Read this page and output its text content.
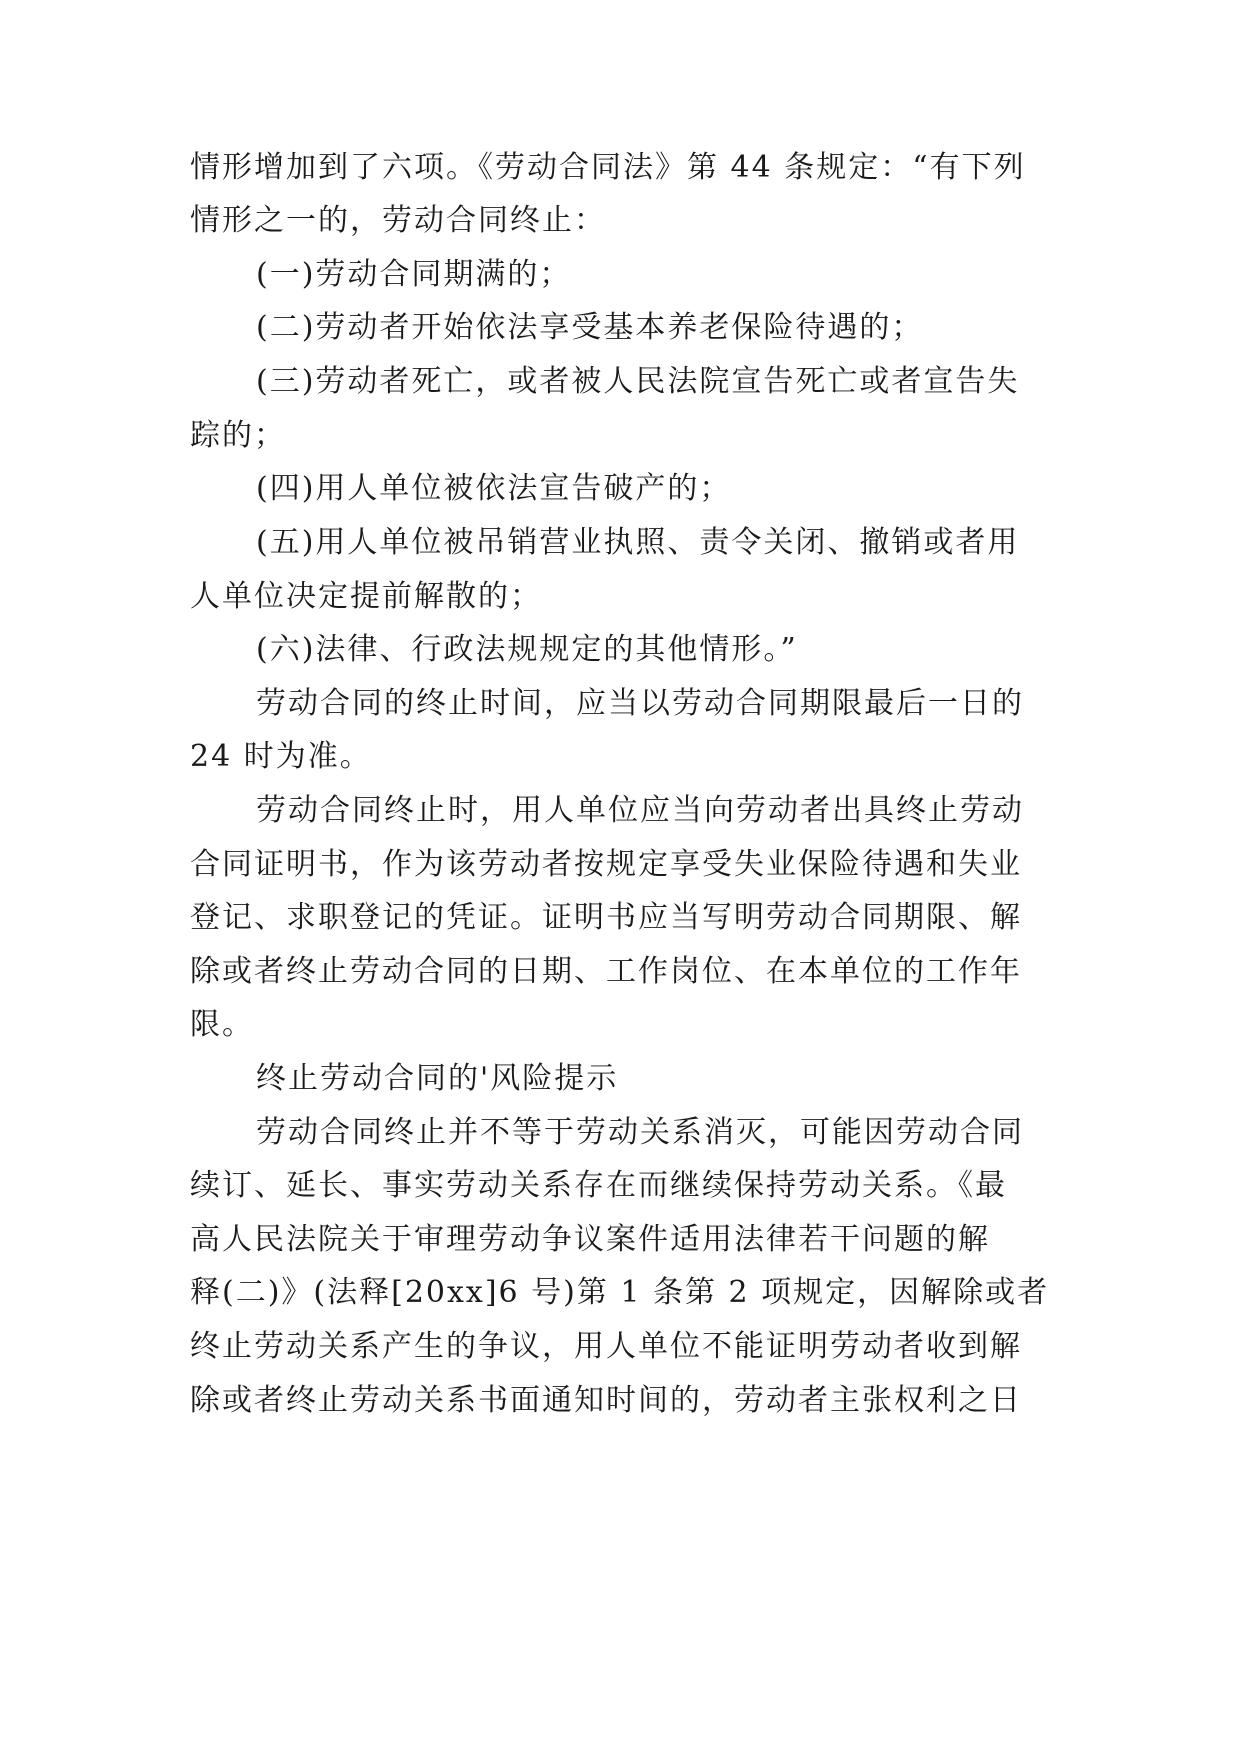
情形增加到了六项。《劳动合同法》第 44 条规定：“有下列
情形之一的，劳动合同终止：
(一)劳动合同期满的；
(二)劳动者开始依法享受基本养老保险待遇的；
(三)劳动者死亡，或者被人民法院宣告死亡或者宣告失
踪的；
(四)用人单位被依法宣告破产的；
(五)用人单位被吊销营业执照、责令关闭、撤销或者用
人单位决定提前解散的；
(六)法律、行政法规规定的其他情形。”
劳动合同的终止时间，应当以劳动合同期限最后一日的
24 时为准。
劳动合同终止时，用人单位应当向劳动者出具终止劳动
合同证明书，作为该劳动者按规定享受失业保险待遇和失业
登记、求职登记的凭证。证明书应当写明劳动合同期限、解
除或者终止劳动合同的日期、工作岗位、在本单位的工作年
限。
终止劳动合同的'风险提示
劳动合同终止并不等于劳动关系消灭，可能因劳动合同
续订、延长、事实劳动关系存在而继续保持劳动关系。《最
高人民法院关于审理劳动争议案件适用法律若干问题的解
释(二)》(法释[20xx]6 号)第 1 条第 2 项规定，因解除或者
终止劳动关系产生的争议，用人单位不能证明劳动者收到解
除或者终止劳动关系书面通知时间的，劳动者主张权利之日
